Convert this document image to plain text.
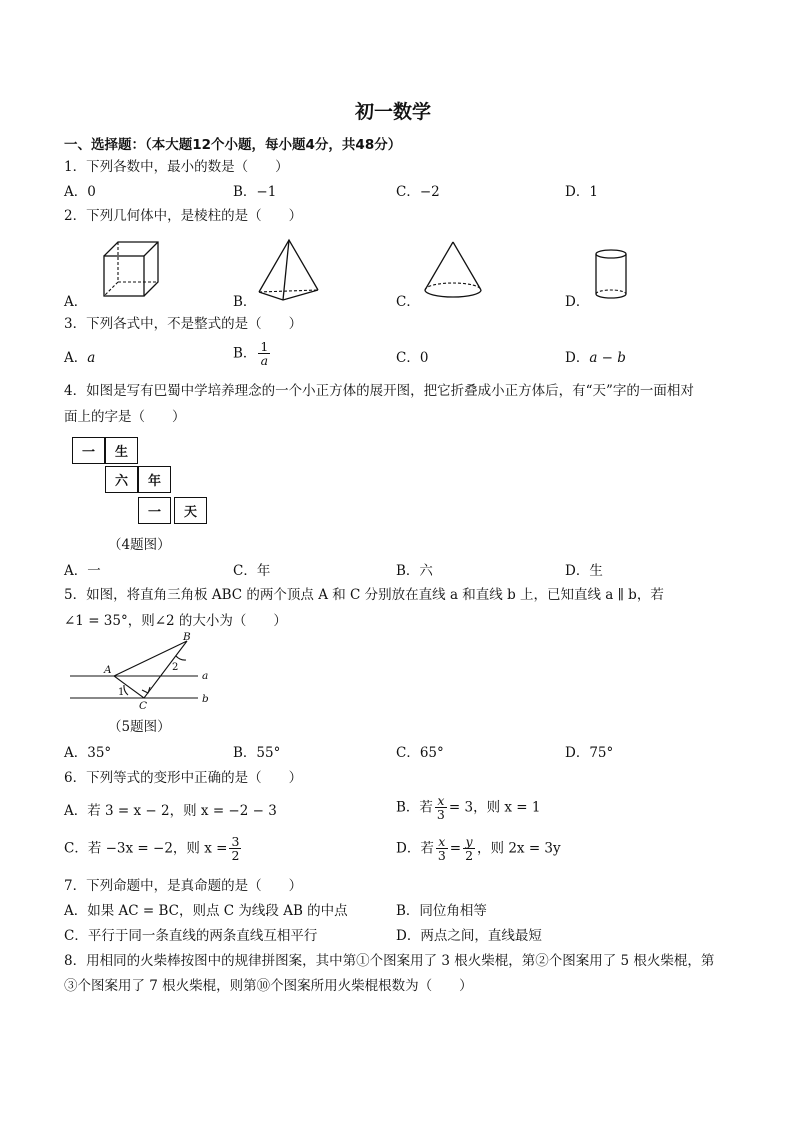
初一数学
一、选择题：（本大题12个小题，每小题4分，共48分）
1．下列各数中，最小的数是（　　）
A．0	B．−1	C．−2	D．1
2．下列几何体中，是棱柱的是（　　）
A．	B．	C．	D．
3．下列各式中，不是整式的是（　　）
A．a	B． $\frac{1}{a}$	C．0	D．a − b
4．如图是写有巴蜀中学培养理念的一个小正方体的展开图，把它折叠成小正方体后，有“天”字的一面相对
面上的字是（　　）
一	生
六	年
一	天
（4题图）
A．一	C．年	B．六	D．生
5．如图，将直角三角板 ABC 的两个顶点 A 和 C 分别放在直线 a 和直线 b 上，已知直线 a ∥ b，若
∠1 = 35°，则∠2 的大小为（　　）
B
A
C
a
b
1
2
（5题图）
A．35°	B．55°	C．65°	D．75°
6．下列等式的变形中正确的是（　　）
A．若 3 = x − 2，则 x = −2 − 3	B．若 $\frac{x}{3} = 3$，则 x = 1
C．若 −3x = −2，则 $x = \frac{3}{2}$	D．若 $\frac{x}{3} = \frac{y}{2}$ ，则 2x = 3y
7．下列命题中，是真命题的是（　　）
A．如果 AC = BC，则点 C 为线段 AB 的中点	B．同位角相等
C．平行于同一条直线的两条直线互相平行	D．两点之间，直线最短
8．用相同的火柴棒按图中的规律拼图案，其中第①个图案用了 3 根火柴棍，第②个图案用了 5 根火柴棍，第
③个图案用了 7 根火柴棍，则第⑩个图案所用火柴棍根数为（　　）
